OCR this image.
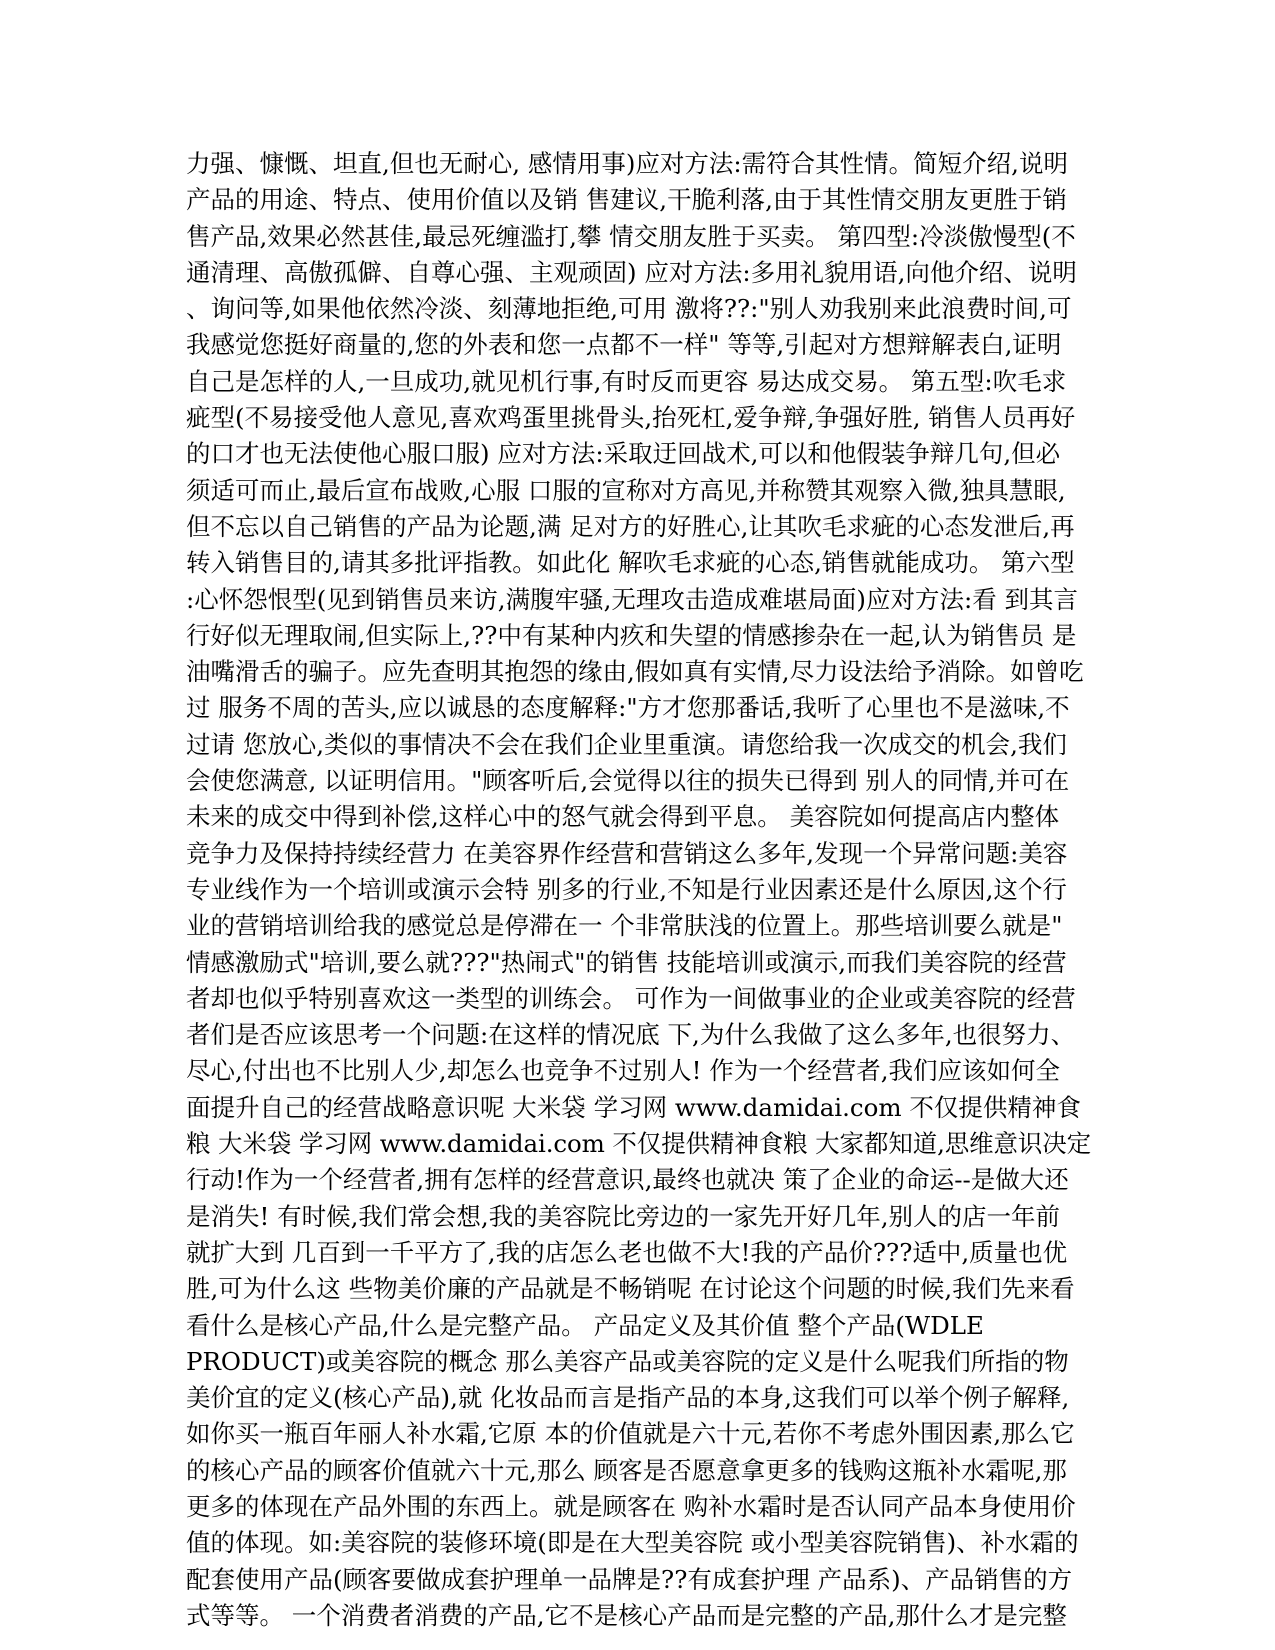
力强、慷慨、坦直,但也无耐心, 感情用事)应对方法:需符合其性情。简短介绍,说明
产品的用途、特点、使用价值以及销 售建议,干脆利落,由于其性情交朋友更胜于销
售产品,效果必然甚佳,最忌死缠滥打,攀 情交朋友胜于买卖。 第四型:冷淡傲慢型(不
通清理、高傲孤僻、自尊心强、主观顽固) 应对方法:多用礼貌用语,向他介绍、说明
、询问等,如果他依然冷淡、刻薄地拒绝,可用 激将??:"别人劝我别来此浪费时间,可
我感觉您挺好商量的,您的外表和您一点都不一样" 等等,引起对方想辩解表白,证明
自己是怎样的人,一旦成功,就见机行事,有时反而更容 易达成交易。 第五型:吹毛求
疵型(不易接受他人意见,喜欢鸡蛋里挑骨头,抬死杠,爱争辩,争强好胜, 销售人员再好
的口才也无法使他心服口服) 应对方法:采取迂回战术,可以和他假装争辩几句,但必
须适可而止,最后宣布战败,心服 口服的宣称对方高见,并称赞其观察入微,独具慧眼,
但不忘以自己销售的产品为论题,满 足对方的好胜心,让其吹毛求疵的心态发泄后,再
转入销售目的,请其多批评指教。如此化 解吹毛求疵的心态,销售就能成功。 第六型
:心怀怨恨型(见到销售员来访,满腹牢骚,无理攻击造成难堪局面)应对方法:看 到其言
行好似无理取闹,但实际上,??中有某种内疚和失望的情感掺杂在一起,认为销售员 是
油嘴滑舌的骗子。应先查明其抱怨的缘由,假如真有实情,尽力设法给予消除。如曾吃
过 服务不周的苦头,应以诚恳的态度解释:"方才您那番话,我听了心里也不是滋味,不
过请 您放心,类似的事情决不会在我们企业里重演。请您给我一次成交的机会,我们
会使您满意, 以证明信用。"顾客听后,会觉得以往的损失已得到 别人的同情,并可在
未来的成交中得到补偿,这样心中的怒气就会得到平息。 美容院如何提高店内整体
竞争力及保持持续经营力 在美容界作经营和营销这么多年,发现一个异常问题:美容
专业线作为一个培训或演示会特 别多的行业,不知是行业因素还是什么原因,这个行
业的营销培训给我的感觉总是停滞在一 个非常肤浅的位置上。那些培训要么就是"
情感激励式"培训,要么就???"热闹式"的销售 技能培训或演示,而我们美容院的经营
者却也似乎特别喜欢这一类型的训练会。 可作为一间做事业的企业或美容院的经营
者们是否应该思考一个问题:在这样的情况底 下,为什么我做了这么多年,也很努力、
尽心,付出也不比别人少,却怎么也竞争不过别人! 作为一个经营者,我们应该如何全
面提升自己的经营战略意识呢 大米袋 学习网 www.damidai.com 不仅提供精神食
粮 大米袋 学习网 www.damidai.com 不仅提供精神食粮 大家都知道,思维意识决定
行动!作为一个经营者,拥有怎样的经营意识,最终也就决 策了企业的命运--是做大还
是消失! 有时候,我们常会想,我的美容院比旁边的一家先开好几年,别人的店一年前
就扩大到 几百到一千平方了,我的店怎么老也做不大!我的产品价???适中,质量也优
胜,可为什么这 些物美价廉的产品就是不畅销呢 在讨论这个问题的时候,我们先来看
看什么是核心产品,什么是完整产品。 产品定义及其价值 整个产品(WDLE
PRODUCT)或美容院的概念 那么美容产品或美容院的定义是什么呢我们所指的物
美价宜的定义(核心产品),就 化妆品而言是指产品的本身,这我们可以举个例子解释,
如你买一瓶百年丽人补水霜,它原 本的价值就是六十元,若你不考虑外围因素,那么它
的核心产品的顾客价值就六十元,那么 顾客是否愿意拿更多的钱购这瓶补水霜呢,那
更多的体现在产品外围的东西上。就是顾客在 购补水霜时是否认同产品本身使用价
值的体现。如:美容院的装修环境(即是在大型美容院 或小型美容院销售)、补水霜的
配套使用产品(顾客要做成套护理单一品牌是??有成套护理 产品系)、产品销售的方
式等等。 一个消费者消费的产品,它不是核心产品而是完整的产品,那什么才是完整
